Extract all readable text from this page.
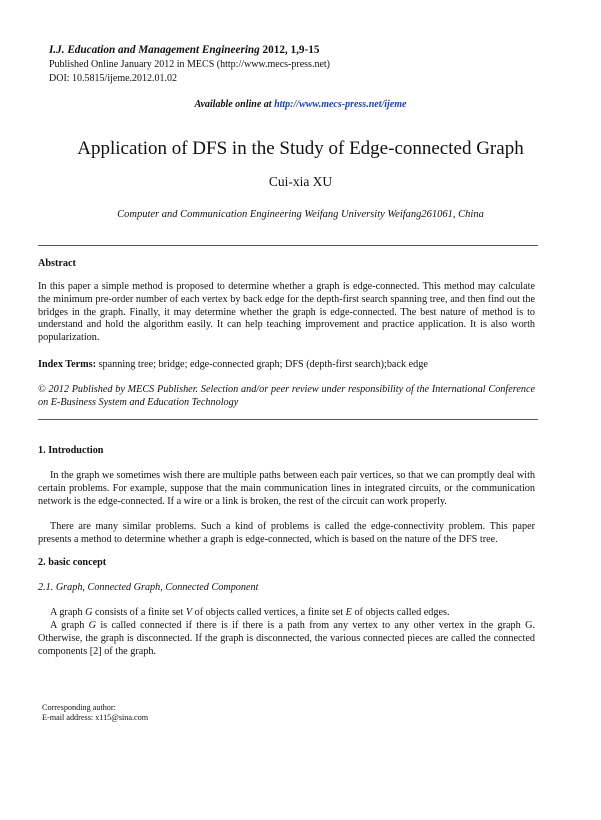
I.J. Education and Management Engineering 2012, 1,9-15
Published Online January 2012 in MECS (http://www.mecs-press.net)
DOI: 10.5815/ijeme.2012.01.02
Available online at http://www.mecs-press.net/ijeme
Application of DFS in the Study of Edge-connected Graph
Cui-xia XU
Computer and Communication Engineering Weifang University Weifang261061, China
Abstract
In this paper a simple method is proposed to determine whether a graph is edge-connected. This method may calculate the minimum pre-order number of each vertex by back edge for the depth-first search spanning tree, and then find out the bridges in the graph. Finally, it may determine whether the graph is edge-connected. The best nature of method is to understand and hold the algorithm easily. It can help teaching improvement and practice application. It is also worth popularization.
Index Terms: spanning tree; bridge; edge-connected graph; DFS (depth-first search);back edge
© 2012 Published by MECS Publisher. Selection and/or peer review under responsibility of the International Conference on E-Business System and Education Technology
1. Introduction
In the graph we sometimes wish there are multiple paths between each pair vertices, so that we can promptly deal with certain problems. For example, suppose that the main communication lines in integrated circuits, or the communication network is the edge-connected. If a wire or a link is broken, the rest of the circuit can work properly.
There are many similar problems. Such a kind of problems is called the edge-connectivity problem. This paper presents a method to determine whether a graph is edge-connected, which is based on the nature of the DFS tree.
2. basic concept
2.1. Graph, Connected Graph, Connected Component
A graph G consists of a finite set V of objects called vertices, a finite set E of objects called edges.
A graph G is called connected if there is if there is a path from any vertex to any other vertex in the graph G. Otherwise, the graph is disconnected. If the graph is disconnected, the various connected pieces are called the connected components [2] of the graph.
Corresponding author:
E-mail address: x115@sina.com
